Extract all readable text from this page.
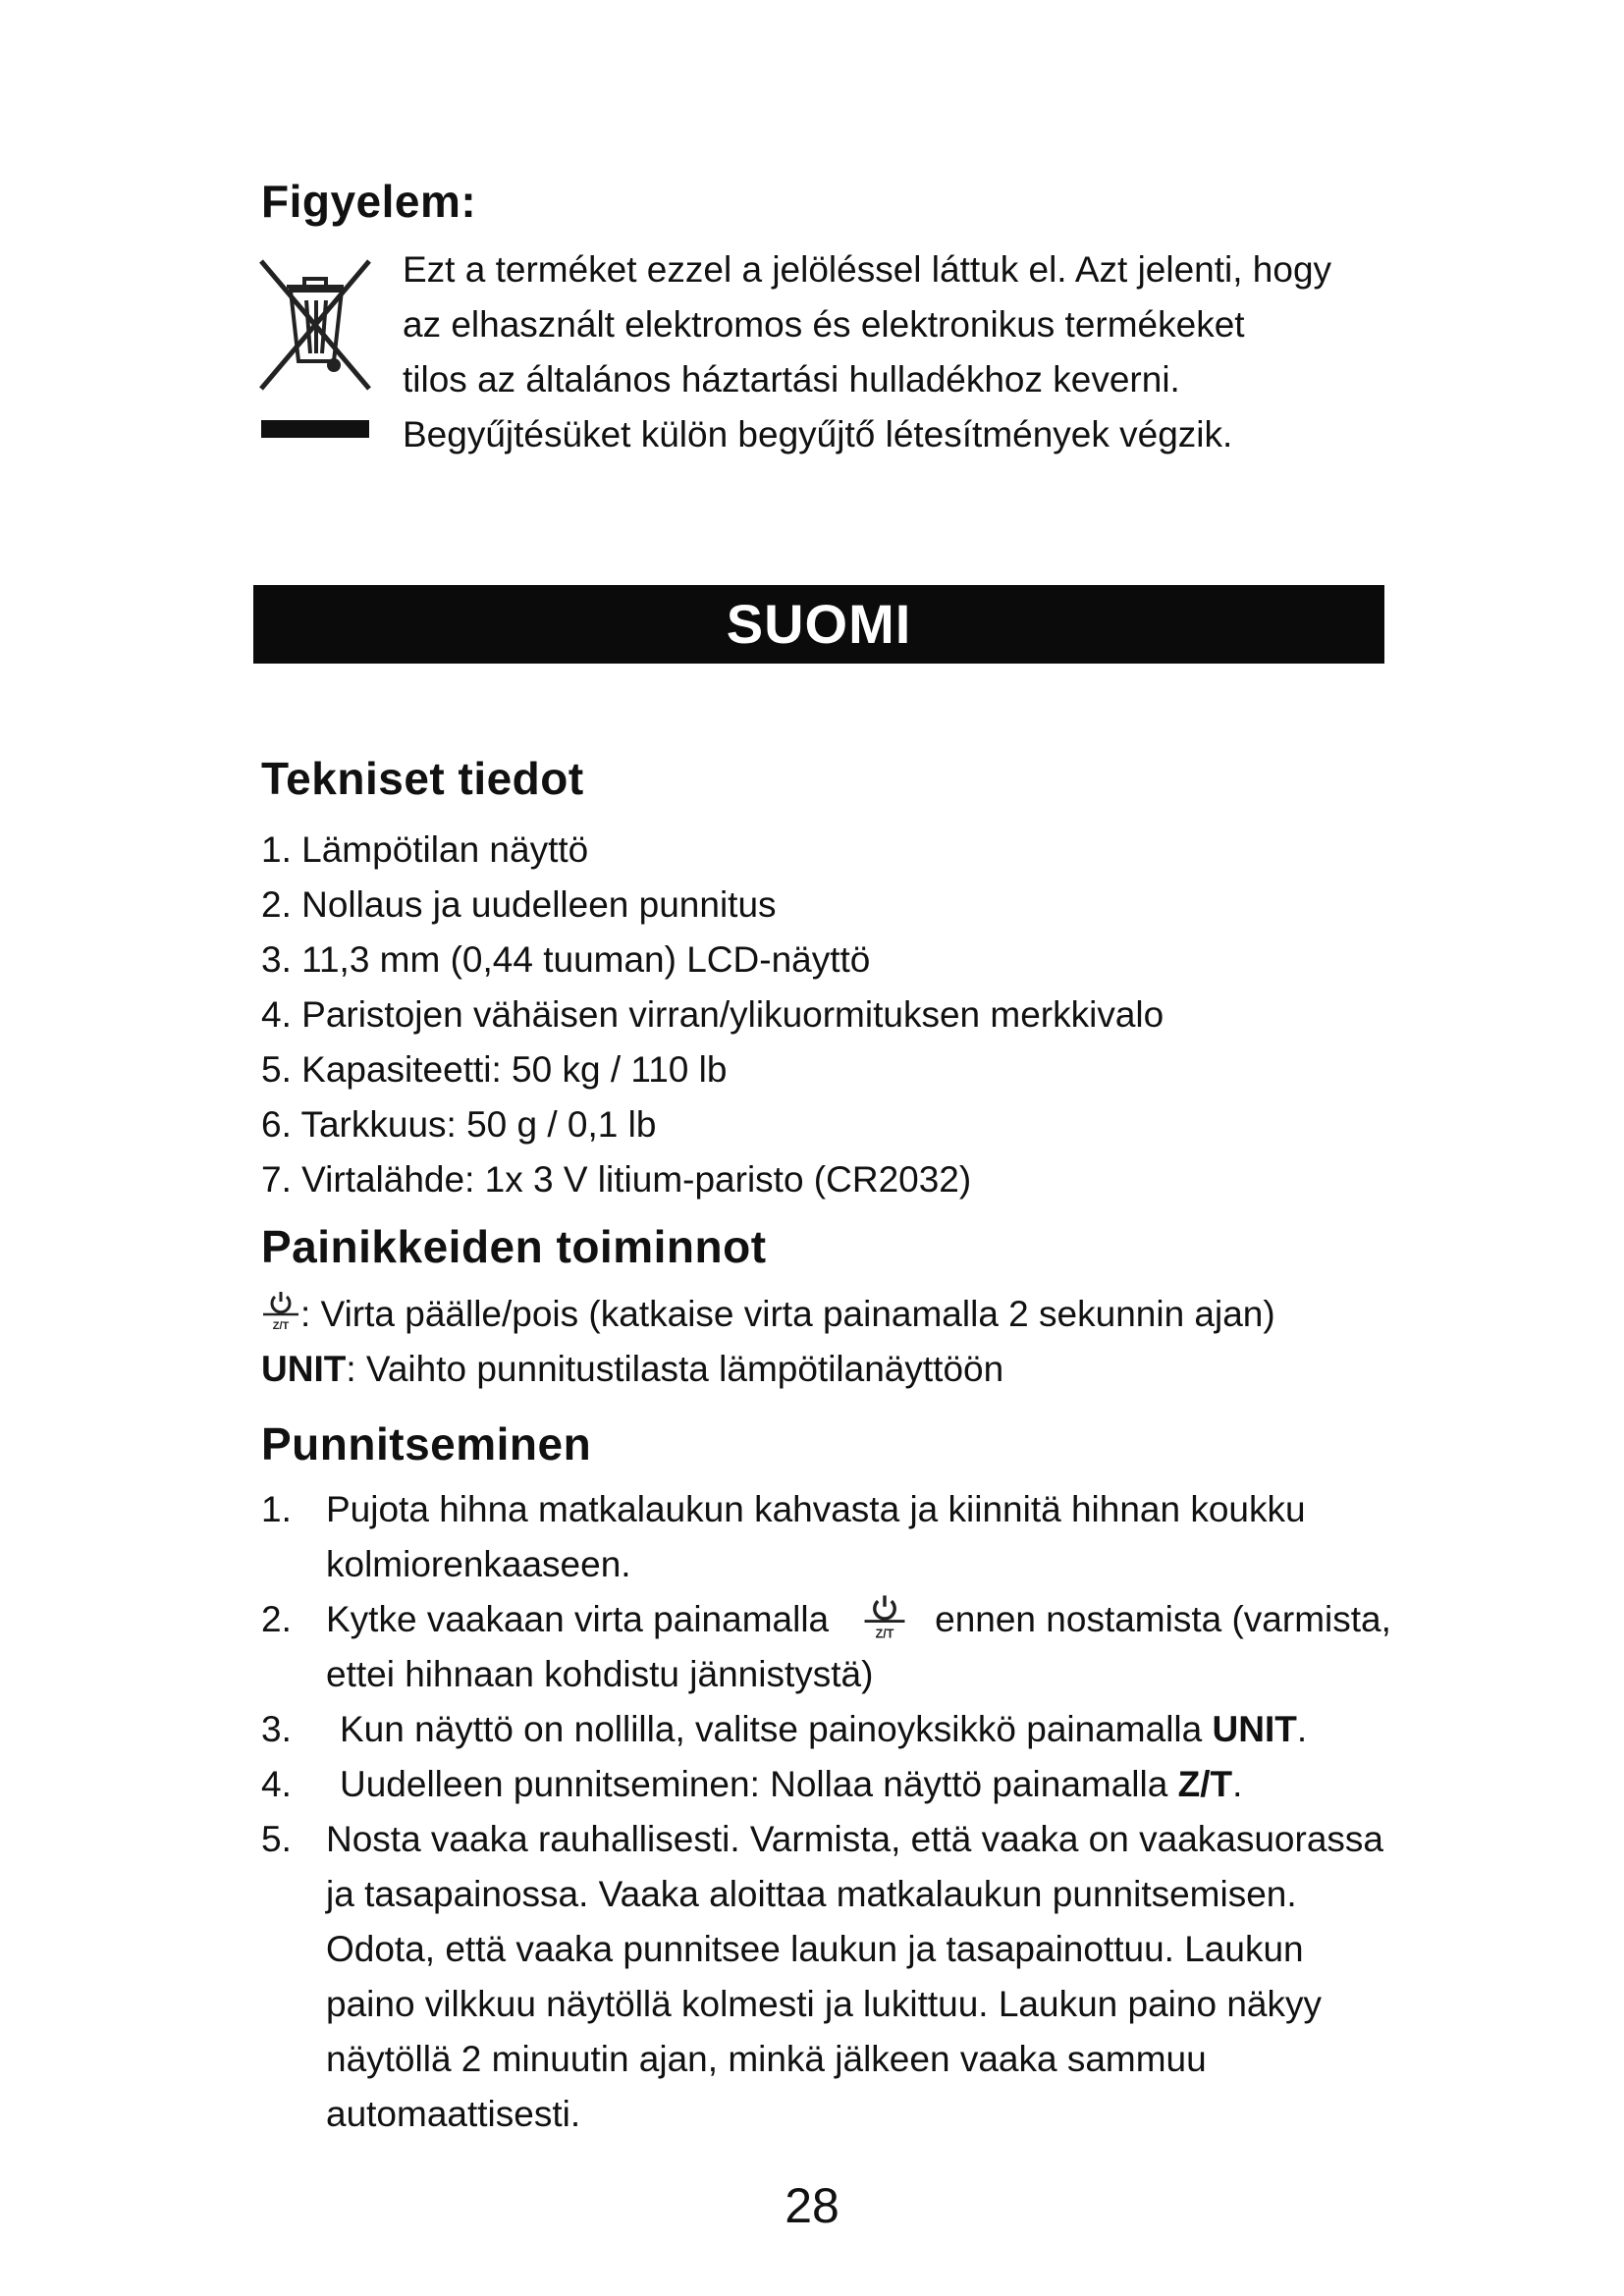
Figyelem:
Ezt a terméket ezzel a jelöléssel láttuk el. Azt jelenti, hogy
az elhasznált elektromos és elektronikus termékeket
tilos az általános háztartási hulladékhoz keverni.
Begyűjtésüket külön begyűjtő létesítmények végzik.
SUOMI
Tekniset tiedot
1. Lämpötilan näyttö
2. Nollaus ja uudelleen punnitus
3. 11,3 mm (0,44 tuuman) LCD-näyttö
4. Paristojen vähäisen virran/ylikuormituksen merkkivalo
5. Kapasiteetti: 50 kg / 110 lb
6. Tarkkuus: 50 g / 0,1 lb
7. Virtalähde: 1x 3 V litium-paristo (CR2032)
Painikkeiden toiminnot
Z/T : Virta päälle/pois (katkaise virta painamalla 2 sekunnin ajan)
UNIT: Vaihto punnitustilasta lämpötilanäyttöön
Punnitseminen
1. Pujota hihna matkalaukun kahvasta ja kiinnitä hihnan koukku kolmiorenkaaseen.
2. Kytke vaakaan virta painamalla	Z/T ennen nostamista (varmista, ettei hihnaan kohdistu jännistystä)
3. Kun näyttö on nollilla, valitse painoyksikkö painamalla UNIT.
4. Uudelleen punnitseminen: Nollaa näyttö painamalla Z/T.
5. Nosta vaaka rauhallisesti. Varmista, että vaaka on vaakasuorassa ja tasapainossa. Vaaka aloittaa matkalaukun punnitsemisen. Odota, että vaaka punnitsee laukun ja tasapainottuu. Laukun paino vilkkuu näytöllä kolmesti ja lukittuu. Laukun paino näkyy näytöllä 2 minuutin ajan, minkä jälkeen vaaka sammuu automaattisesti.
28
